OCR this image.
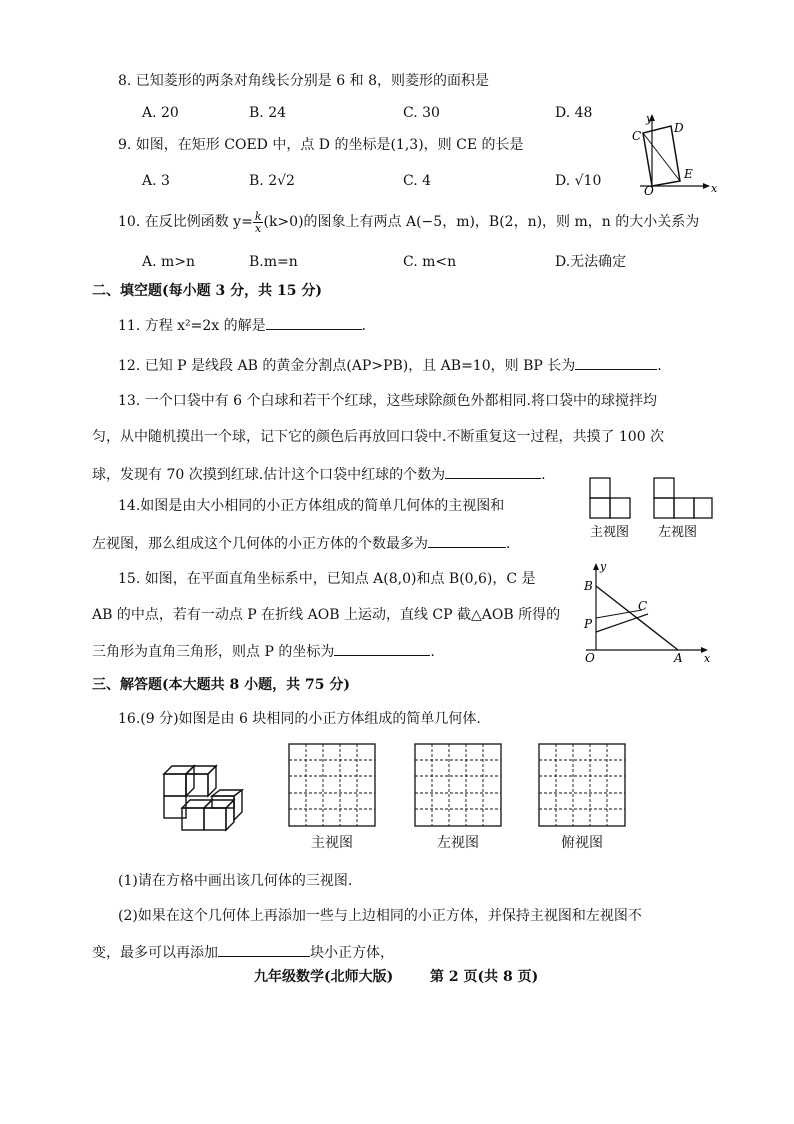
8. 已知菱形的两条对角线长分别是 6 和 8，则菱形的面积是
A. 20	B. 24	C. 30	D. 48
9. 如图，在矩形 COED 中，点 D 的坐标是(1,3)，则 CE 的长是
A. 3	B. 2√2	C. 4	D. √10
y
x
C
D
E
O
10. 在反比例函数 $y= \frac{k}{x} (k>0)$的图象上有两点 A(−5，m)，B(2，n)，则 m，n 的大小关系为
A. m>n	B.m=n	C. m<n	D.无法确定
二、填空题(每小题 3 分，共 15 分)
11. 方程 x²=2x 的解是	.
12. 已知 P 是线段 AB 的黄金分割点(AP>PB)，且 AB=10，则 BP 长为	.
13. 一个口袋中有 6 个白球和若干个红球，这些球除颜色外都相同.将口袋中的球搅拌均
匀，从中随机摸出一个球，记下它的颜色后再放回口袋中.不断重复这一过程，共摸了 100 次
球，发现有 70 次摸到红球.估计这个口袋中红球的个数为	.
14.如图是由大小相同的小正方体组成的简单几何体的主视图和
左视图，那么组成这个几何体的小正方体的个数最多为	.
主视图 左视图
15. 如图，在平面直角坐标系中，已知点 A(8,0)和点 B(0,6)，C 是
AB 的中点，若有一动点 P 在折线 AOB 上运动，直线 CP 截△AOB 所得的
三角形为直角三角形，则点 P 的坐标为	.
y
x
B
C
P
O	A
三、解答题(本大题共 8 小题，共 75 分)
16.(9 分)如图是由 6 块相同的小正方体组成的简单几何体.
主视图	左视图	俯视图
(1)请在方格中画出该几何体的三视图.
(2)如果在这个几何体上再添加一些与上边相同的小正方体，并保持主视图和左视图不
变，最多可以再添加	块小正方体，
九年级数学(北师大版)	第 2 页(共 8 页)
